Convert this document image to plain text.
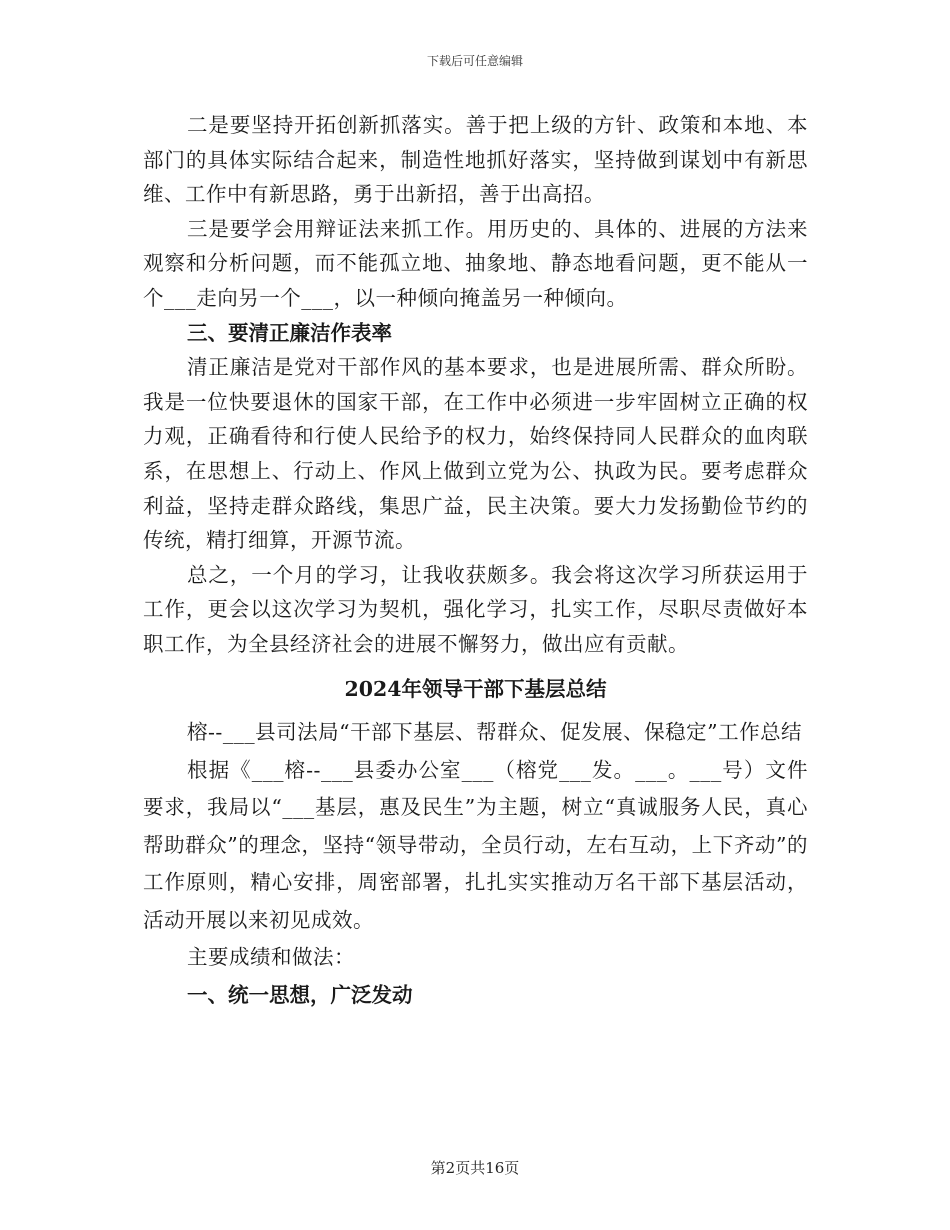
下载后可任意编辑

二是要坚持开拓创新抓落实。善于把上级的方针、政策和本地、本部门的具体实际结合起来，制造性地抓好落实，坚持做到谋划中有新思维、工作中有新思路，勇于出新招，善于出高招。

三是要学会用辩证法来抓工作。用历史的、具体的、进展的方法来观察和分析问题，而不能孤立地、抽象地、静态地看问题，更不能从一个___走向另一个___，以一种倾向掩盖另一种倾向。

三、要清正廉洁作表率

清正廉洁是党对干部作风的基本要求，也是进展所需、群众所盼。我是一位快要退休的国家干部，在工作中必须进一步牢固树立正确的权力观，正确看待和行使人民给予的权力，始终保持同人民群众的血肉联系，在思想上、行动上、作风上做到立党为公、执政为民。要考虑群众利益，坚持走群众路线，集思广益，民主决策。要大力发扬勤俭节约的传统，精打细算，开源节流。

总之，一个月的学习，让我收获颇多。我会将这次学习所获运用于工作，更会以这次学习为契机，强化学习，扎实工作，尽职尽责做好本职工作，为全县经济社会的进展不懈努力，做出应有贡献。

2024年领导干部下基层总结

榕--___县司法局“干部下基层、帮群众、促发展、保稳定”工作总结

根据《___榕--___县委办公室___（榕党___发。___。___号）文件要求，我局以“___基层，惠及民生”为主题，树立“真诚服务人民，真心帮助群众”的理念，坚持“领导带动，全员行动，左右互动，上下齐动”的工作原则，精心安排，周密部署，扎扎实实推动万名干部下基层活动，活动开展以来初见成效。

主要成绩和做法：

一、统一思想，广泛发动

第2页共16页
